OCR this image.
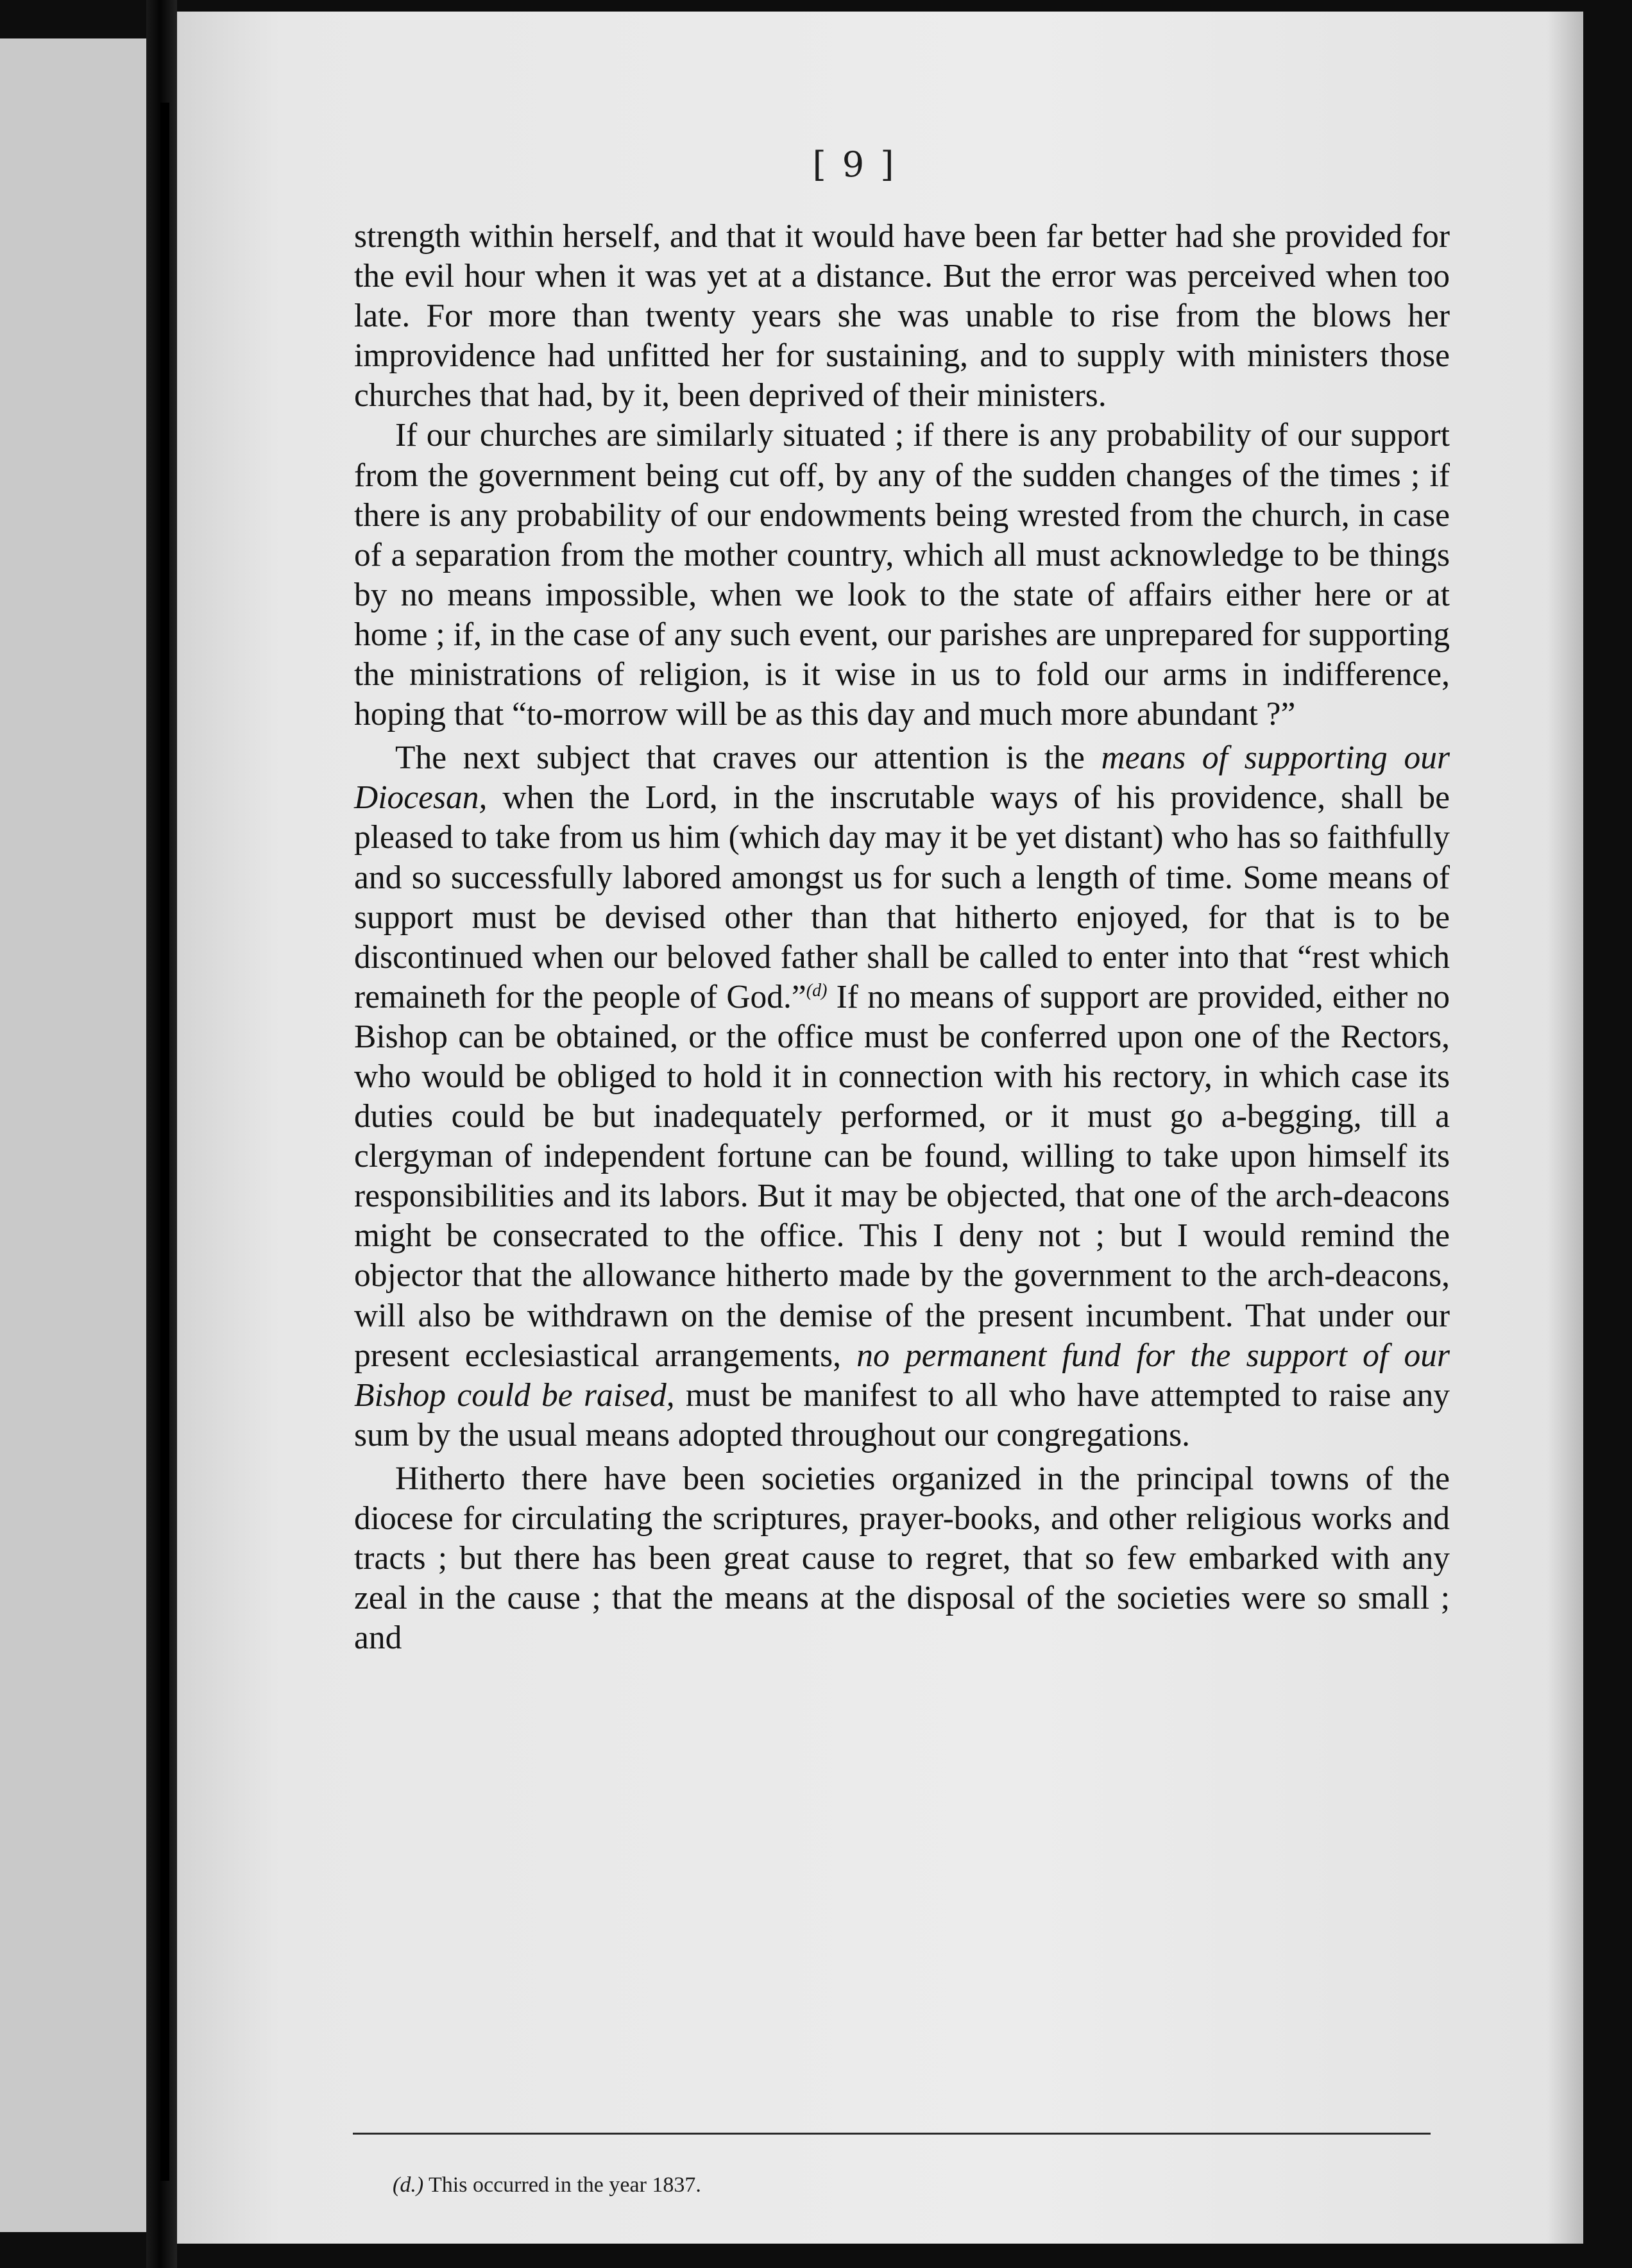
[ 9 ]

strength within herself, and that it would have been far better had she provided for the evil hour when it was yet at a distance. But the error was perceived when too late. For more than twenty years she was unable to rise from the blows her improvidence had unfitted her for sustaining, and to supply with ministers those churches that had, by it, been deprived of their ministers.

If our churches are similarly situated ; if there is any probability of our support from the government being cut off, by any of the sudden changes of the times ; if there is any probability of our endowments being wrested from the church, in case of a separation from the mother country, which all must acknowledge to be things by no means impossible, when we look to the state of affairs either here or at home ; if, in the case of any such event, our parishes are unprepared for supporting the ministrations of religion, is it wise in us to fold our arms in indifference, hoping that “to-morrow will be as this day and much more abundant ?”

The next subject that craves our attention is the means of supporting our Diocesan, when the Lord, in the inscrutable ways of his providence, shall be pleased to take from us him (which day may it be yet distant) who has so faithfully and so successfully labored amongst us for such a length of time. Some means of support must be devised other than that hitherto enjoyed, for that is to be discontinued when our beloved father shall be called to enter into that “rest which remaineth for the people of God.”$^{(d)}$ If no means of support are provided, either no Bishop can be obtained, or the office must be conferred upon one of the Rectors, who would be obliged to hold it in connection with his rectory, in which case its duties could be but inadequately performed, or it must go a-begging, till a clergyman of independent fortune can be found, willing to take upon himself its responsibilities and its labors. But it may be objected, that one of the arch-deacons might be consecrated to the office. This I deny not ; but I would remind the objector that the allowance hitherto made by the government to the arch-deacons, will also be withdrawn on the demise of the present incumbent. That under our present ecclesiastical arrangements, no permanent fund for the support of our Bishop could be raised, must be manifest to all who have attempted to raise any sum by the usual means adopted throughout our congregations.

Hitherto there have been societies organized in the principal towns of the diocese for circulating the scriptures, prayer-books, and other religious works and tracts ; but there has been great cause to regret, that so few embarked with any zeal in the cause ; that the means at the disposal of the societies were so small ; and

(d.) This occurred in the year 1837.
